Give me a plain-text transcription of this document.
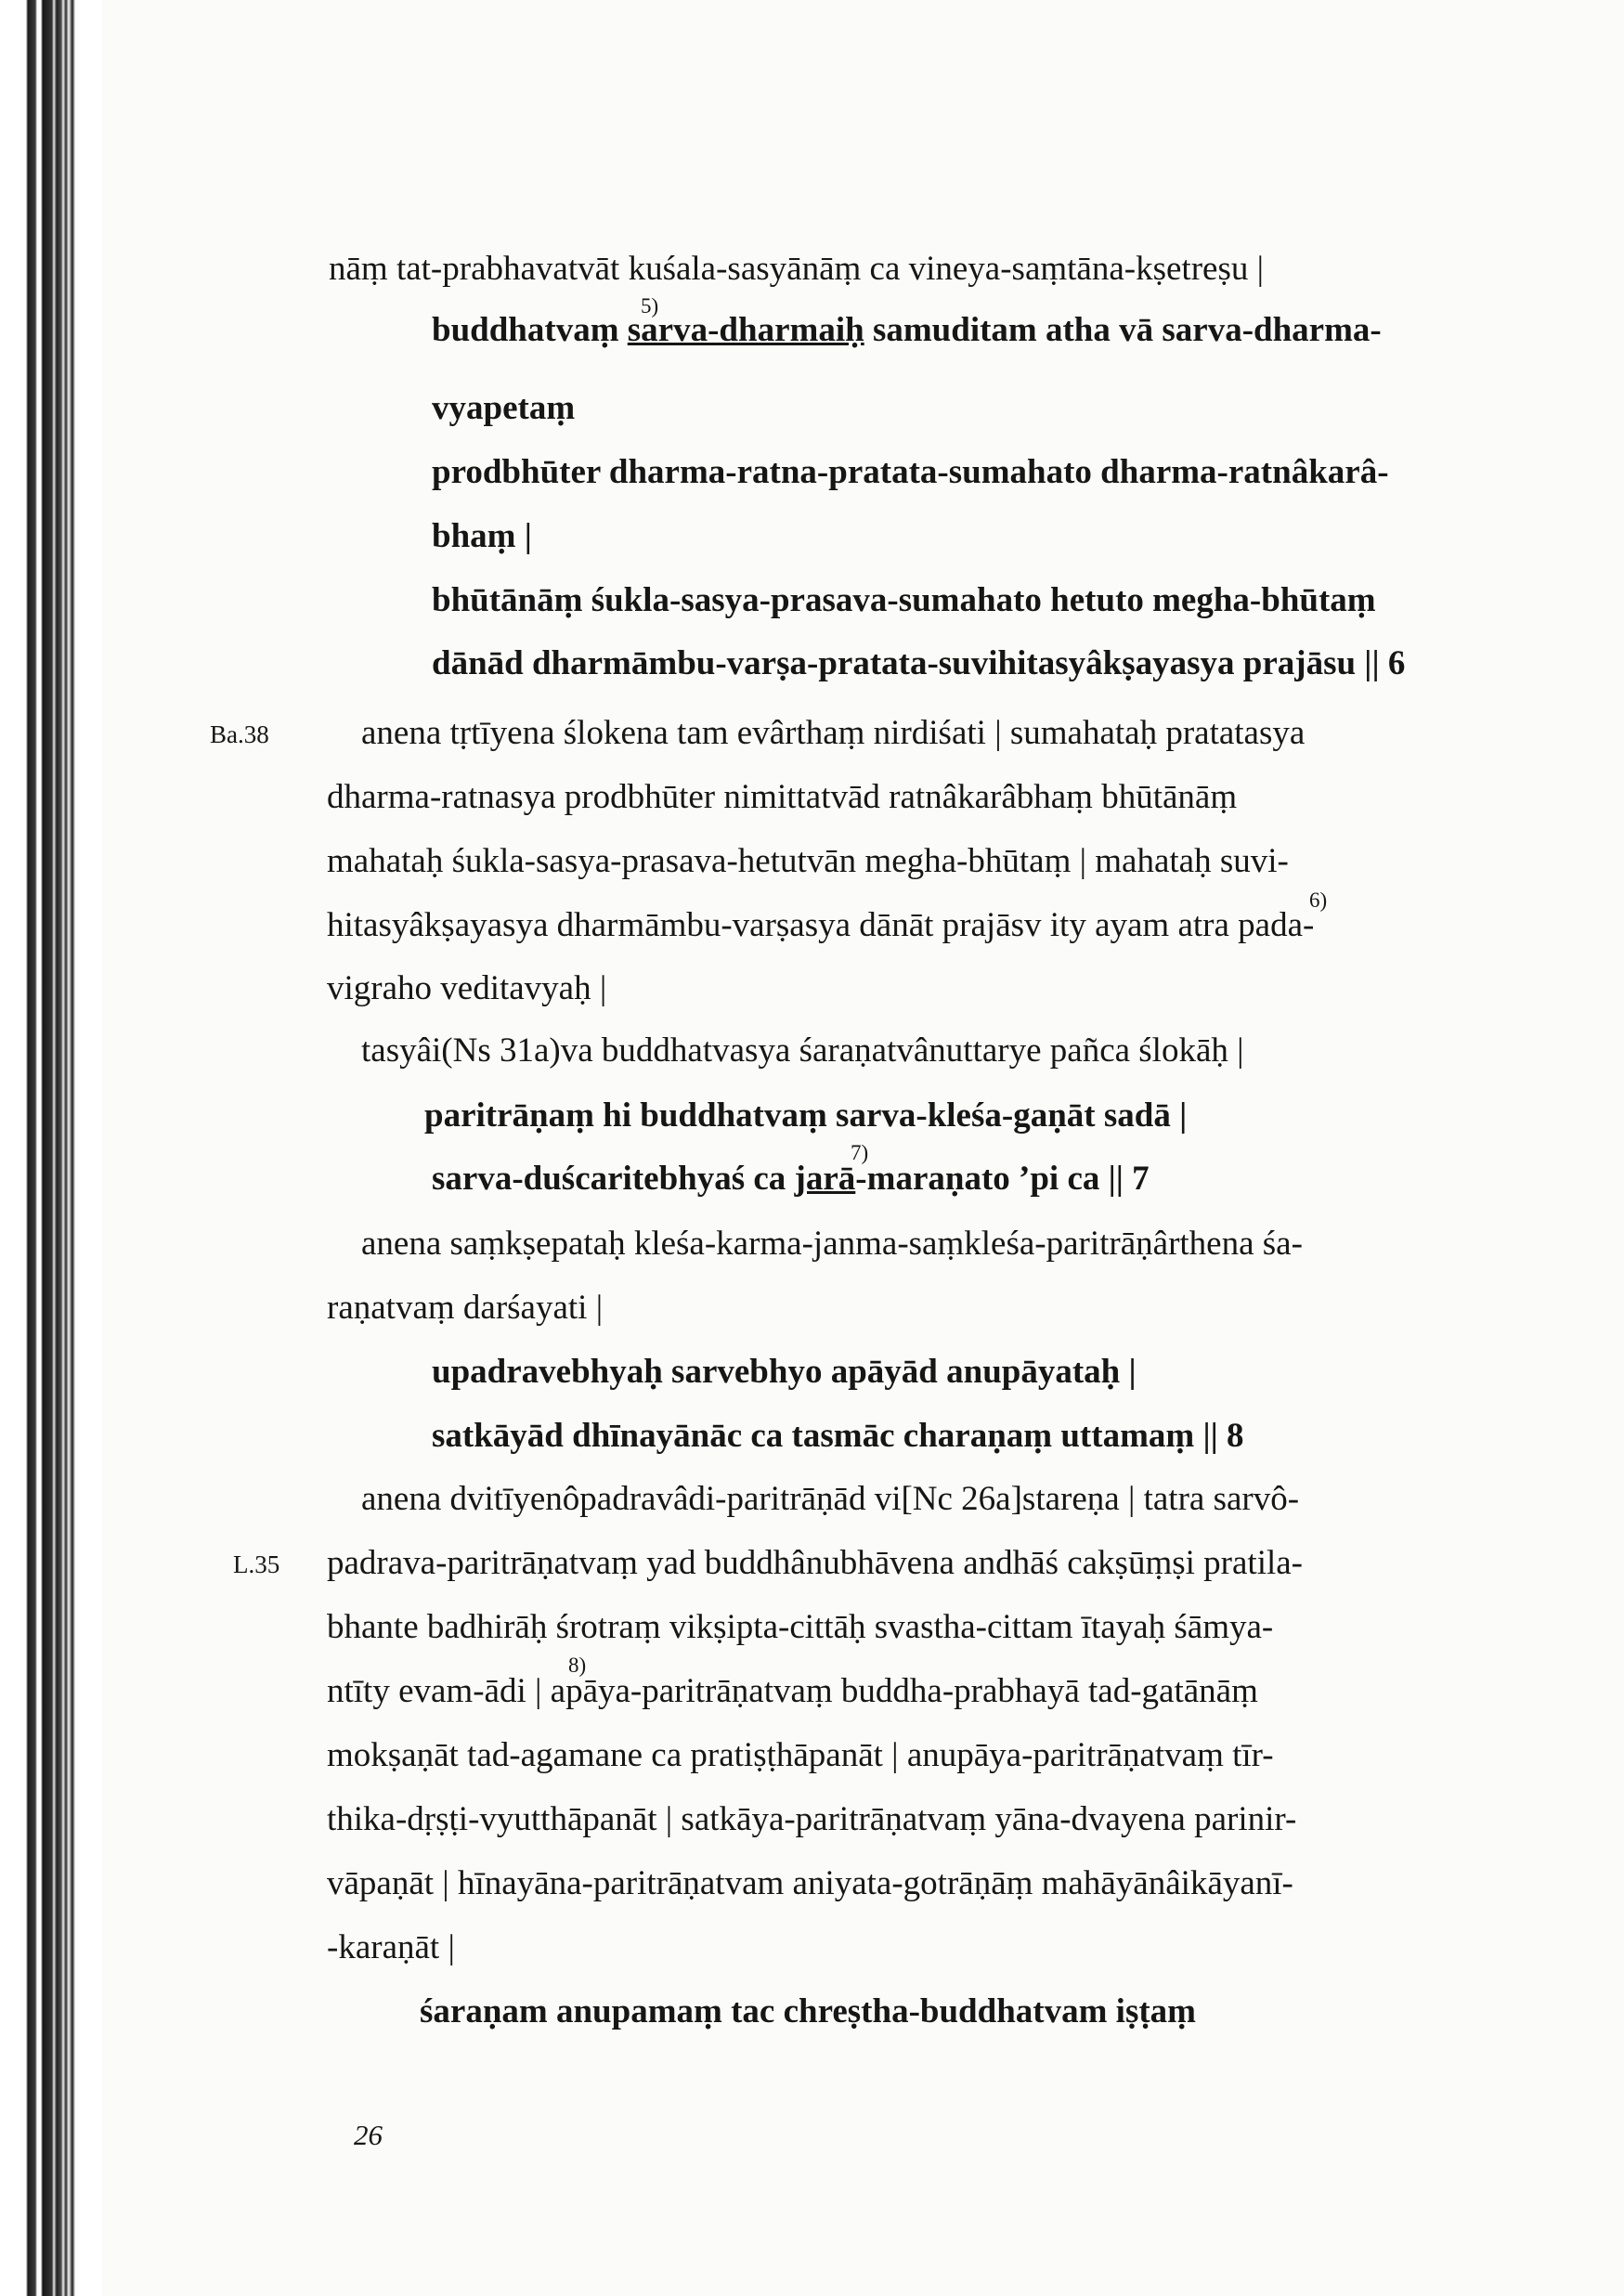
nāṃ tat-prabhavatvāt kuśala-sasyānāṃ ca vineya-saṃtāna-kṣetreṣu |
5)
buddhatvaṃ sarva-dharmaiḥ samuditam atha vā sarva-dharma-
vyapetaṃ
prodbhūter dharma-ratna-pratata-sumahato dharma-ratnâkarâ-
bhaṃ |
bhūtānāṃ śukla-sasya-prasava-sumahato hetuto megha-bhūtaṃ
dānād dharmāmbu-varṣa-pratata-suvihitasyâkṣayasya prajāsu || 6
Ba.38	anena tṛtīyena ślokena tam evârthaṃ nirdiśati | sumahataḥ pratatasya
dharma-ratnasya prodbhūter nimittatvād ratnâkarâbhaṃ bhūtānāṃ
mahataḥ śukla-sasya-prasava-hetutvān megha-bhūtaṃ | mahataḥ suvi-
6)
hitasyâkṣayasya dharmāmbu-varṣasya dānāt prajāsv ity ayam atra pada-
vigraho veditavyaḥ |
tasyâi(Ns 31a)va buddhatvasya śaraṇatvânuttarye pañca ślokāḥ |
paritrāṇaṃ hi buddhatvaṃ sarva-kleśa-gaṇāt sadā |
7)
sarva-duścaritebhyaś ca jarā-maraṇato ’pi ca || 7
anena saṃkṣepataḥ kleśa-karma-janma-saṃkleśa-paritrāṇârthena śa-
raṇatvaṃ darśayati |
upadravebhyaḥ sarvebhyo apāyād anupāyataḥ |
satkāyād dhīnayānāc ca tasmāc charaṇaṃ uttamaṃ || 8
anena dvitīyenôpadravâdi-paritrāṇād vi[Nc 26a]stareṇa | tatra sarvô-
L.35 padrava-paritrāṇatvaṃ yad buddhânubhāvena andhāś cakṣūṃṣi pratila-
bhante badhirāḥ śrotraṃ vikṣipta-cittāḥ svastha-cittam ītayaḥ śāmya-
8)
ntīty evam-ādi | apāya-paritrāṇatvaṃ buddha-prabhayā tad-gatānāṃ
mokṣaṇāt tad-agamane ca pratiṣṭhāpanāt | anupāya-paritrāṇatvaṃ tīr-
thika-dṛṣṭi-vyutthāpanāt | satkāya-paritrāṇatvaṃ yāna-dvayena parinir-
vāpaṇāt | hīnayāna-paritrāṇatvam aniyata-gotrāṇāṃ mahāyānâikāyanī-
-karaṇāt |
śaraṇam anupamaṃ tac chreṣtha-buddhatvam iṣṭaṃ
26
